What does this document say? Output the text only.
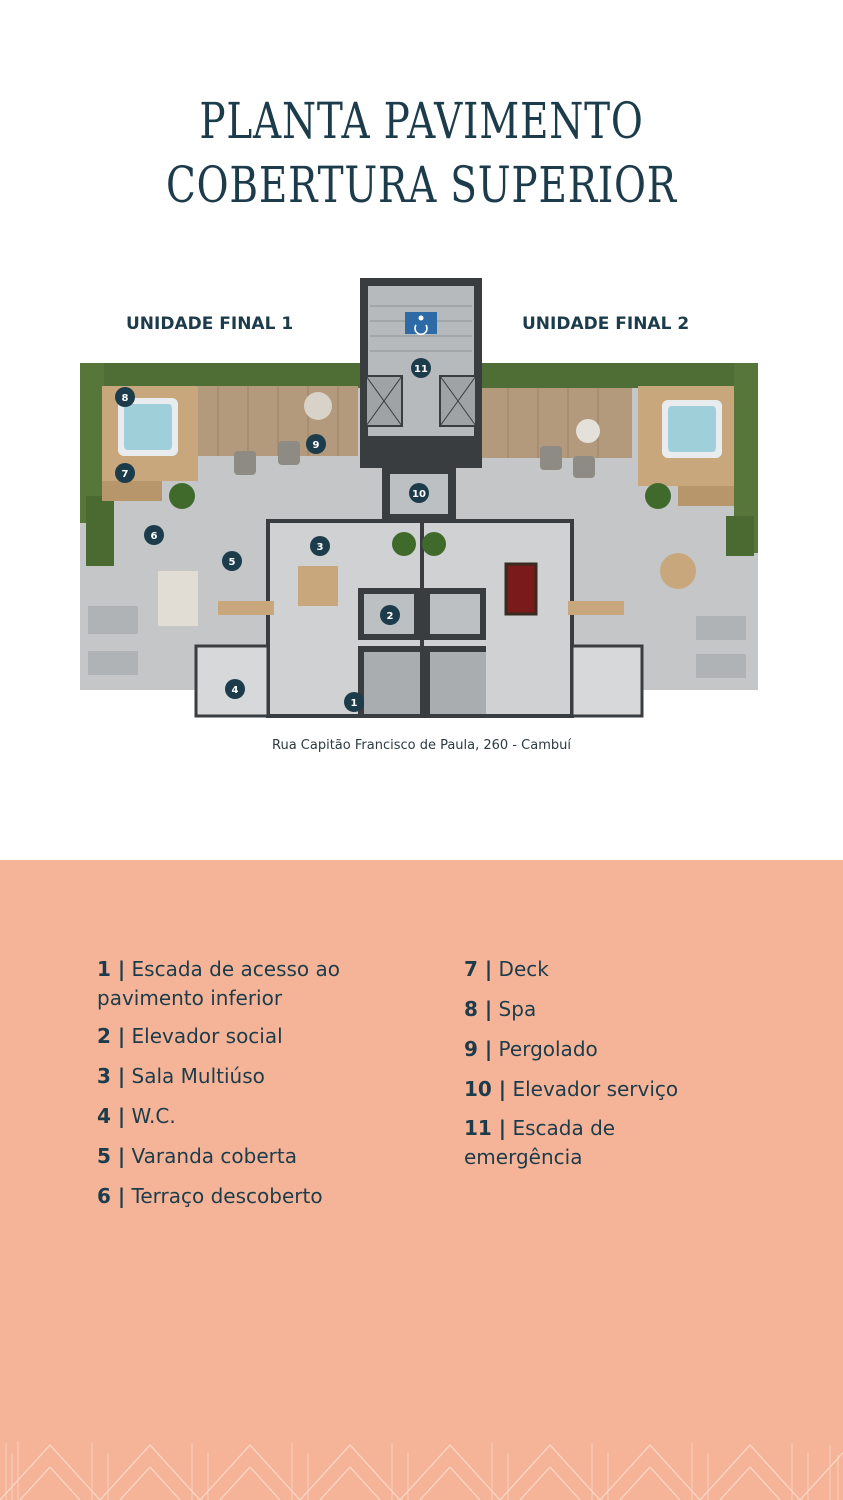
PLANTA PAVIMENTO
COBERTURA SUPERIOR
UNIDADE FINAL 1	UNIDADE FINAL 2
1
2
3
4
5
6
7
8
9
10
11
Rua Capitão Francisco de Paula, 260 - Cambuí
1 | Escada de acesso ao
pavimento inferior
2 | Elevador social
3 | Sala Multiúso
4 | W.C.
5 | Varanda coberta
6 | Terraço descoberto
7 | Deck
8 | Spa
9 | Pergolado
10 | Elevador serviço
11 | Escada de
emergência
